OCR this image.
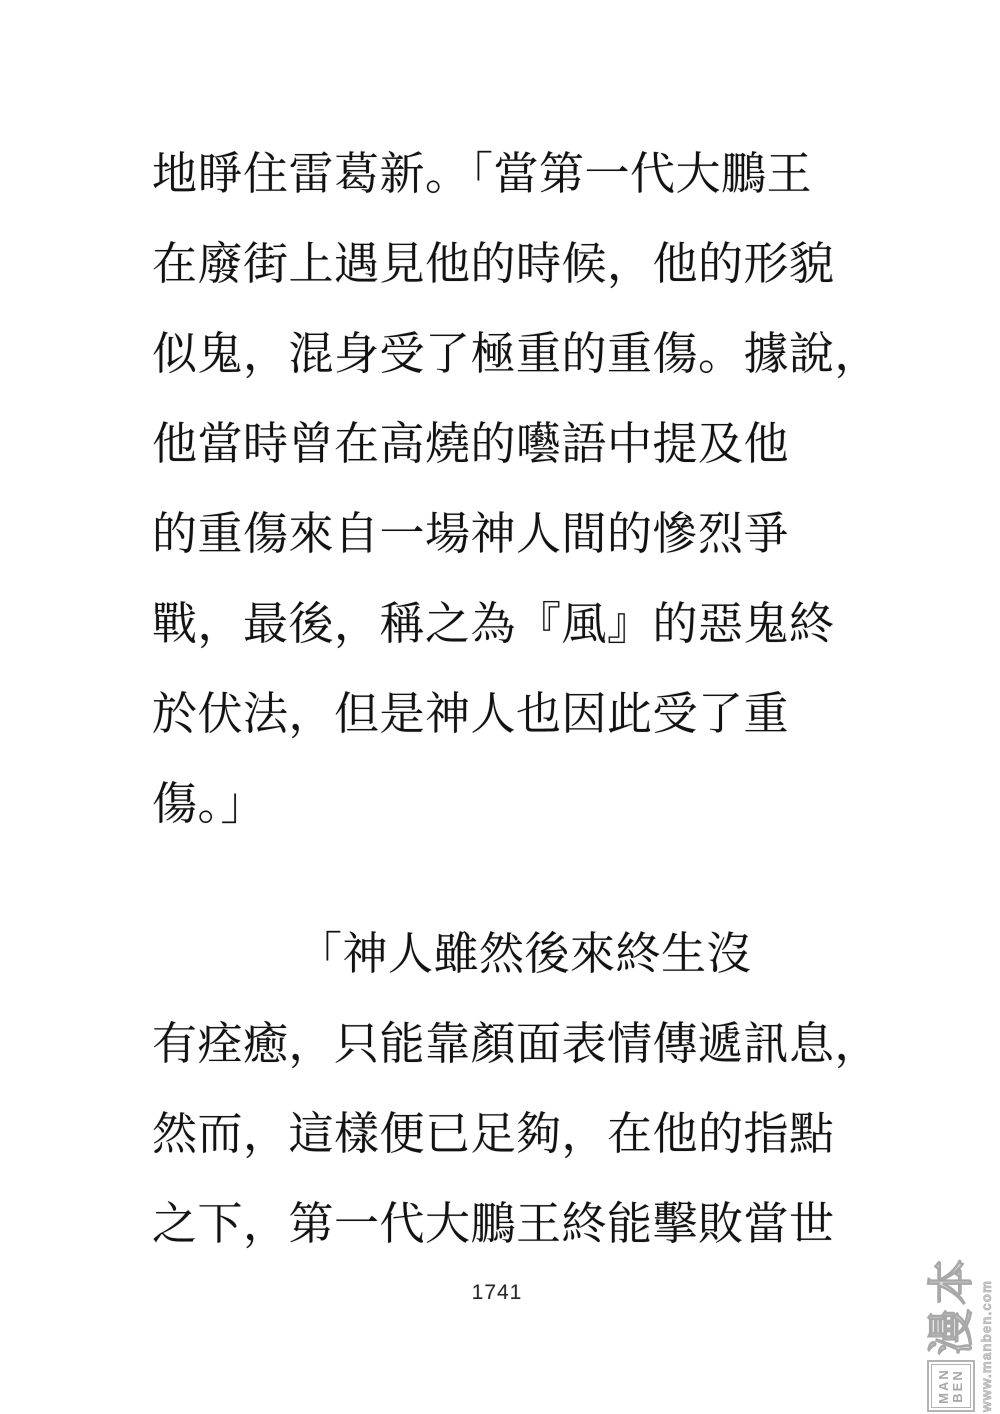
地睜住雷葛新。「當第一代大鵬王
在廢街上遇見他的時候，他的形貌
似鬼，混身受了極重的重傷。據說，
他當時曾在高燒的囈語中提及他
的重傷來自一場神人間的慘烈爭
戰，最後，稱之為『風』的惡鬼終
於伏法，但是神人也因此受了重
傷。」
「神人雖然後來終生沒
有痊癒，只能靠顏面表情傳遞訊息，
然而，這樣便已足夠，在他的指點
之下，第一代大鵬王終能擊敗當世
1741
MAN BEN
漫本 www.manben.com
